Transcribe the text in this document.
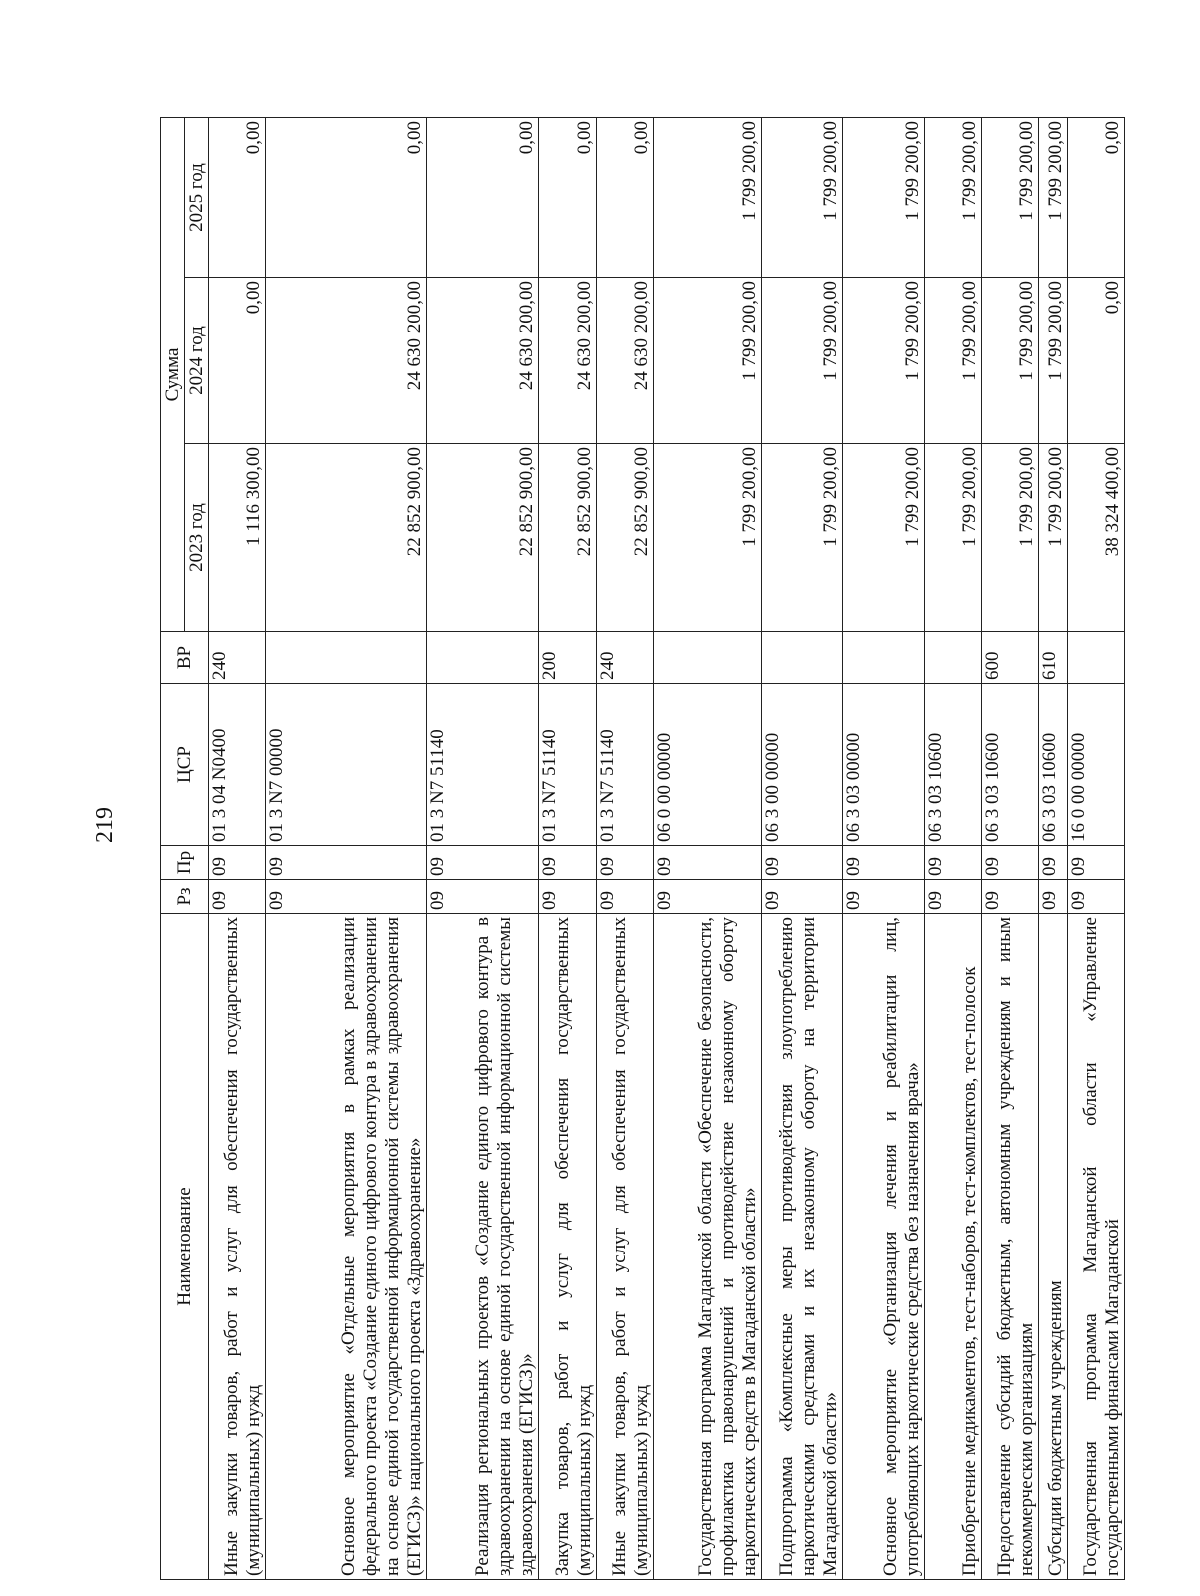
219
Наименование	Рз	Пр	ЦСР	ВР	Сумма		
					2023 год	2024 год	2025 год
Иные закупки товаров, работ и услуг для обеспечения государственных (муниципальных) нужд	09	09	01 3 04 N0400	240	1 116 300,00	0,00	0,00
Основное мероприятие «Отдельные мероприятия в рамках реализации федерального проекта «Создание единого цифрового контура в здравоохранении на основе единой государственной информационной системы здравоохранения (ЕГИСЗ)» национального проекта «Здравоохранение»	09	09	01 3 N7 00000		22 852 900,00	24 630 200,00	0,00
Реализация региональных проектов «Создание единого цифрового контура в здравоохранении на основе единой государственной информационной системы здравоохранения (ЕГИСЗ)»	09	09	01 3 N7 51140		22 852 900,00	24 630 200,00	0,00
Закупка товаров, работ и услуг для обеспечения государственных (муниципальных) нужд	09	09	01 3 N7 51140	200	22 852 900,00	24 630 200,00	0,00
Иные закупки товаров, работ и услуг для обеспечения государственных (муниципальных) нужд	09	09	01 3 N7 51140	240	22 852 900,00	24 630 200,00	0,00
Государственная программа Магаданской области «Обеспечение безопасности, профилактика правонарушений и противодействие незаконному обороту наркотических средств в Магаданской области»	09	09	06 0 00 00000		1 799 200,00	1 799 200,00	1 799 200,00
Подпрограмма «Комплексные меры противодействия злоупотреблению наркотическими средствами и их незаконному обороту на территории Магаданской области»	09	09	06 3 00 00000		1 799 200,00	1 799 200,00	1 799 200,00
Основное мероприятие «Организация лечения и реабилитации лиц, употребляющих наркотические средства без назначения врача»	09	09	06 3 03 00000		1 799 200,00	1 799 200,00	1 799 200,00
Приобретение медикаментов, тест-наборов, тест-комплектов, тест-полосок	09	09	06 3 03 10600		1 799 200,00	1 799 200,00	1 799 200,00
Предоставление субсидий бюджетным, автономным учреждениям и иным некоммерческим организациям	09	09	06 3 03 10600	600	1 799 200,00	1 799 200,00	1 799 200,00
Субсидии бюджетным учреждениям	09	09	06 3 03 10600	610	1 799 200,00	1 799 200,00	1 799 200,00
Государственная программа Магаданской области «Управление государственными финансами Магаданской	09	09	16 0 00 00000		38 324 400,00	0,00	0,00
